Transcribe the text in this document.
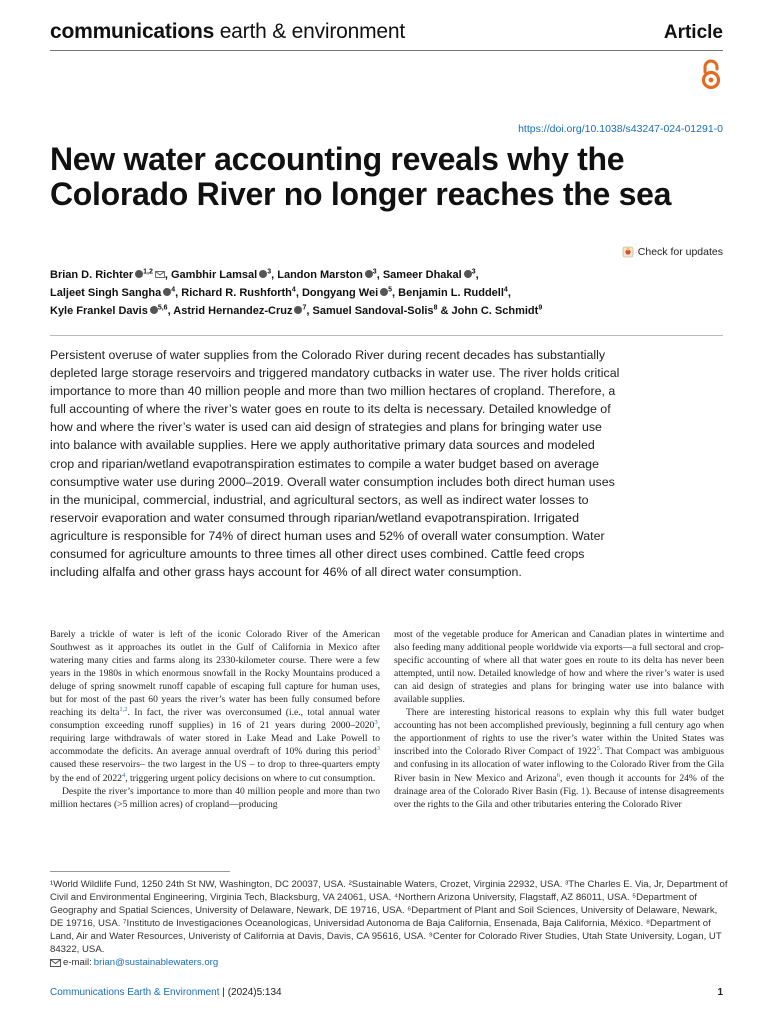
communications earth & environment	Article
https://doi.org/10.1038/s43247-024-01291-0
New water accounting reveals why the Colorado River no longer reaches the sea
Check for updates
Brian D. Richter $^{1,2}$ , Gambhir Lamsal $^3$, Landon Marston $^3$, Sameer Dhakal $^3$,
Laljeet Singh Sangha $^4$, Richard R. Rushforth$^4$, Dongyang Wei $^5$, Benjamin L. Ruddell$^4$,
Kyle Frankel Davis $^{5,6}$, Astrid Hernandez-Cruz $^7$, Samuel Sandoval-Solis$^8$ & John C. Schmidt$^9$
Persistent overuse of water supplies from the Colorado River during recent decades has substantially depleted large storage reservoirs and triggered mandatory cutbacks in water use. The river holds critical importance to more than 40 million people and more than two million hectares of cropland. Therefore, a full accounting of where the river’s water goes en route to its delta is necessary. Detailed knowledge of how and where the river’s water is used can aid design of strategies and plans for bringing water use into balance with available supplies. Here we apply authoritative primary data sources and modeled crop and riparian/wetland evapotranspiration estimates to compile a water budget based on average consumptive water use during 2000–2019. Overall water consumption includes both direct human uses in the municipal, commercial, industrial, and agricultural sectors, as well as indirect water losses to reservoir evaporation and water consumed through riparian/wetland evapotranspiration. Irrigated agriculture is responsible for 74% of direct human uses and 52% of overall water consumption. Water consumed for agriculture amounts to three times all other direct uses combined. Cattle feed crops including alfalfa and other grass hays account for 46% of all direct water consumption.

Barely a trickle of water is left of the iconic Colorado River of the American Southwest as it approaches its outlet in the Gulf of California in Mexico after watering many cities and farms along its 2330-kilometer course. There were a few years in the 1980s in which enormous snowfall in the Rocky Mountains produced a deluge of spring snowmelt runoff capable of escaping full capture for human uses, but for most of the past 60 years the river’s water has been fully consumed before reaching its delta$^{1,2}$. In fact, the river was overconsumed (i.e., total annual water consumption exceeding runoff supplies) in 16 of 21 years during 2000–2020$^3$, requiring large withdrawals of water stored in Lake Mead and Lake Powell to accommodate the deficits. An average annual overdraft of 10% during this period$^3$ caused these reservoirs– the two largest in the US – to drop to three-quarters empty by the end of 2022$^4$, triggering urgent policy decisions on where to cut consumption.

Despite the river’s importance to more than 40 million people and more than two million hectares (>5 million acres) of cropland—producing

most of the vegetable produce for American and Canadian plates in wintertime and also feeding many additional people worldwide via exports—a full sectoral and crop-specific accounting of where all that water goes en route to its delta has never been attempted, until now. Detailed knowledge of how and where the river’s water is used can aid design of strategies and plans for bringing water use into balance with available supplies.

There are interesting historical reasons to explain why this full water budget accounting has not been accomplished previously, beginning a full century ago when the apportionment of rights to use the river’s water within the United States was inscribed into the Colorado River Compact of 1922$^5$. That Compact was ambiguous and confusing in its allocation of water inflowing to the Colorado River from the Gila River basin in New Mexico and Arizona$^6$, even though it accounts for 24% of the drainage area of the Colorado River Basin (Fig. 1). Because of intense disagreements over the rights to the Gila and other tributaries entering the Colorado River

¹World Wildlife Fund, 1250 24th St NW, Washington, DC 20037, USA. ²Sustainable Waters, Crozet, Virginia 22932, USA. ³The Charles E. Via, Jr, Department of Civil and Environmental Engineering, Virginia Tech, Blacksburg, VA 24061, USA. ⁴Northern Arizona University, Flagstaff, AZ 86011, USA. ⁵Department of Geography and Spatial Sciences, University of Delaware, Newark, DE 19716, USA. ⁶Department of Plant and Soil Sciences, University of Delaware, Newark, DE 19716, USA. ⁷Instituto de Investigaciones Oceanologicas, Universidad Autonoma de Baja California, Ensenada, Baja California, México. ⁸Department of Land, Air and Water Resources, Univeristy of California at Davis, Davis, CA 95616, USA. ⁹Center for Colorado River Studies, Utah State University, Logan, UT 84322, USA.
e-mail: brian@sustainablewaters.org
Communications Earth & Environment | (2024)5:134	1
